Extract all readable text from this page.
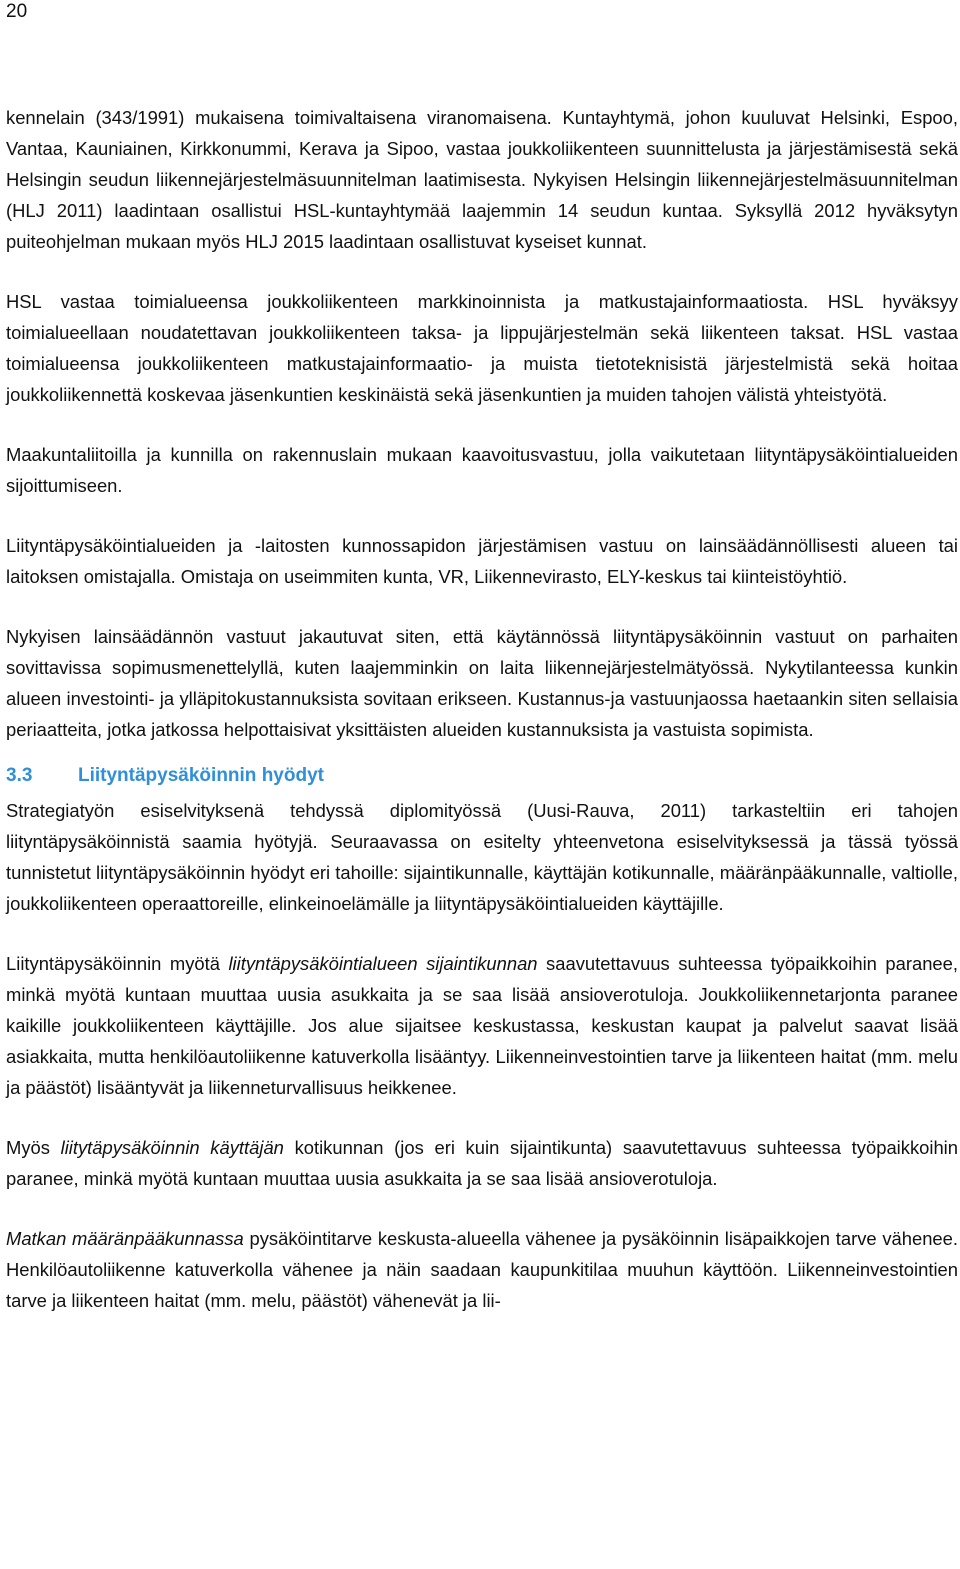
20

kennelain (343/1991) mukaisena toimivaltaisena viranomaisena. Kuntayhtymä, johon kuuluvat Helsinki, Espoo, Vantaa, Kauniainen, Kirkkonummi, Kerava ja Sipoo, vastaa joukkoliikenteen suunnittelusta ja järjestämisestä sekä Helsingin seudun liikennejärjestelmäsuunnitelman laatimisesta. Nykyisen Helsingin liikennejärjestelmäsuunnitelman (HLJ 2011) laadintaan osallistui HSL-kuntayhtymää laajemmin 14 seudun kuntaa. Syksyllä 2012 hyväksytyn puiteohjelman mukaan myös HLJ 2015 laadintaan osallistuvat kyseiset kunnat.

HSL vastaa toimialueensa joukkoliikenteen markkinoinnista ja matkustajainformaatiosta. HSL hyväksyy toimialueellaan noudatettavan joukkoliikenteen taksa- ja lippujärjestelmän sekä liikenteen taksat. HSL vastaa toimialueensa joukkoliikenteen matkustajainformaatio- ja muista tietoteknisistä järjestelmistä sekä hoitaa joukkoliikennettä koskevaa jäsenkuntien keskinäistä sekä jäsenkuntien ja muiden tahojen välistä yhteistyötä.

Maakuntaliitoilla ja kunnilla on rakennuslain mukaan kaavoitusvastuu, jolla vaikutetaan liityntäpysäköintialueiden sijoittumiseen.

Liityntäpysäköintialueiden ja -laitosten kunnossapidon järjestämisen vastuu on lainsäädännöllisesti alueen tai laitoksen omistajalla. Omistaja on useimmiten kunta, VR, Liikennevirasto, ELY-keskus tai kiinteistöyhtiö.

Nykyisen lainsäädännön vastuut jakautuvat siten, että käytännössä liityntäpysäköinnin vastuut on parhaiten sovittavissa sopimusmenettelyllä, kuten laajemminkin on laita liikennejärjestelmätyössä. Nykytilanteessa kunkin alueen investointi- ja ylläpitokustannuksista sovitaan erikseen. Kustannus-ja vastuunjaossa haetaankin siten sellaisia periaatteita, jotka jatkossa helpottaisivat yksittäisten alueiden kustannuksista ja vastuista sopimista.

3.3	Liityntäpysäköinnin hyödyt

Strategiatyön esiselvityksenä tehdyssä diplomityössä (Uusi-Rauva, 2011) tarkasteltiin eri tahojen liityntäpysäköinnistä saamia hyötyjä. Seuraavassa on esitelty yhteenvetona esiselvityksessä ja tässä työssä tunnistetut liityntäpysäköinnin hyödyt eri tahoille: sijaintikunnalle, käyttäjän kotikunnalle, määränpääkunnalle, valtiolle, joukkoliikenteen operaattoreille, elinkeinoelämälle ja liityntäpysäköintialueiden käyttäjille.

Liityntäpysäköinnin myötä liityntäpysäköintialueen sijaintikunnan saavutettavuus suhteessa työpaikkoihin paranee, minkä myötä kuntaan muuttaa uusia asukkaita ja se saa lisää ansioverotuloja. Joukkoliikennetarjonta paranee kaikille joukkoliikenteen käyttäjille. Jos alue sijaitsee keskustassa, keskustan kaupat ja palvelut saavat lisää asiakkaita, mutta henkilöautoliikenne katuverkolla lisääntyy. Liikenneinvestointien tarve ja liikenteen haitat (mm. melu ja päästöt) lisääntyvät ja liikenneturvallisuus heikkenee.

Myös liitytäpysäköinnin käyttäjän kotikunnan (jos eri kuin sijaintikunta) saavutettavuus suhteessa työpaikkoihin paranee, minkä myötä kuntaan muuttaa uusia asukkaita ja se saa lisää ansioverotuloja.

Matkan määränpääkunnassa pysäköintitarve keskusta-alueella vähenee ja pysäköinnin lisäpaikkojen tarve vähenee. Henkilöautoliikenne katuverkolla vähenee ja näin saadaan kaupunkitilaa muuhun käyttöön. Liikenneinvestointien tarve ja liikenteen haitat (mm. melu, päästöt) vähenevät ja lii-
